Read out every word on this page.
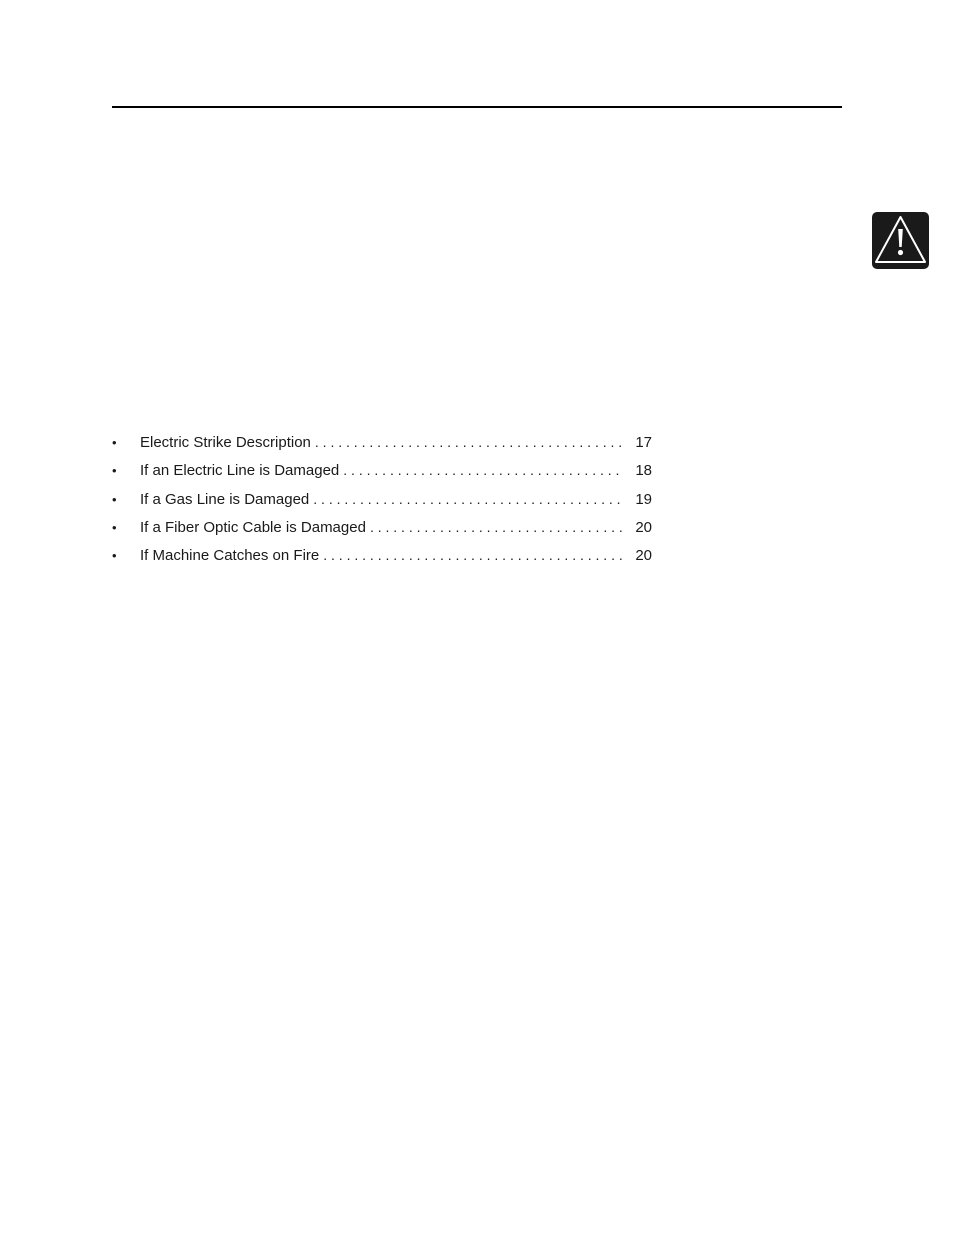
•	Electric Strike Description . . .	17
•	If an Electric Line is Damaged . . .	18
•	If a Gas Line is Damaged . . .	19
•	If a Fiber Optic Cable is Damaged . . .	20
•	If Machine Catches on Fire . . .	20
